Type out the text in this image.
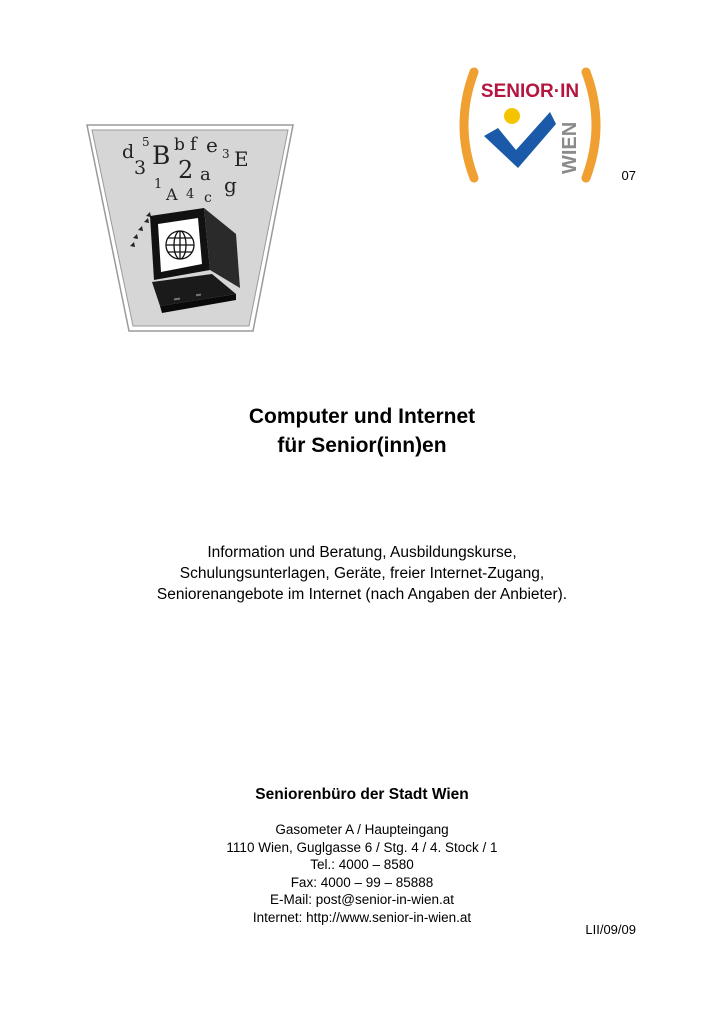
d 5 B
3
b f e 3 E
2 a
1
A 4 c
g
SENIOR·IN
WIEN
07
Computer und Internet
für Senior(inn)en
Information und Beratung, Ausbildungskurse,
Schulungsunterlagen, Geräte, freier Internet-Zugang,
Seniorenangebote im Internet (nach Angaben der Anbieter).
Seniorenbüro der Stadt Wien
Gasometer A / Haupteingang
1110 Wien, Guglgasse 6 / Stg. 4 / 4. Stock / 1
Tel.: 4000 – 8580
Fax: 4000 – 99 – 85888
E-Mail: post@senior-in-wien.at
Internet: http://www.senior-in-wien.at
LII/09/09
